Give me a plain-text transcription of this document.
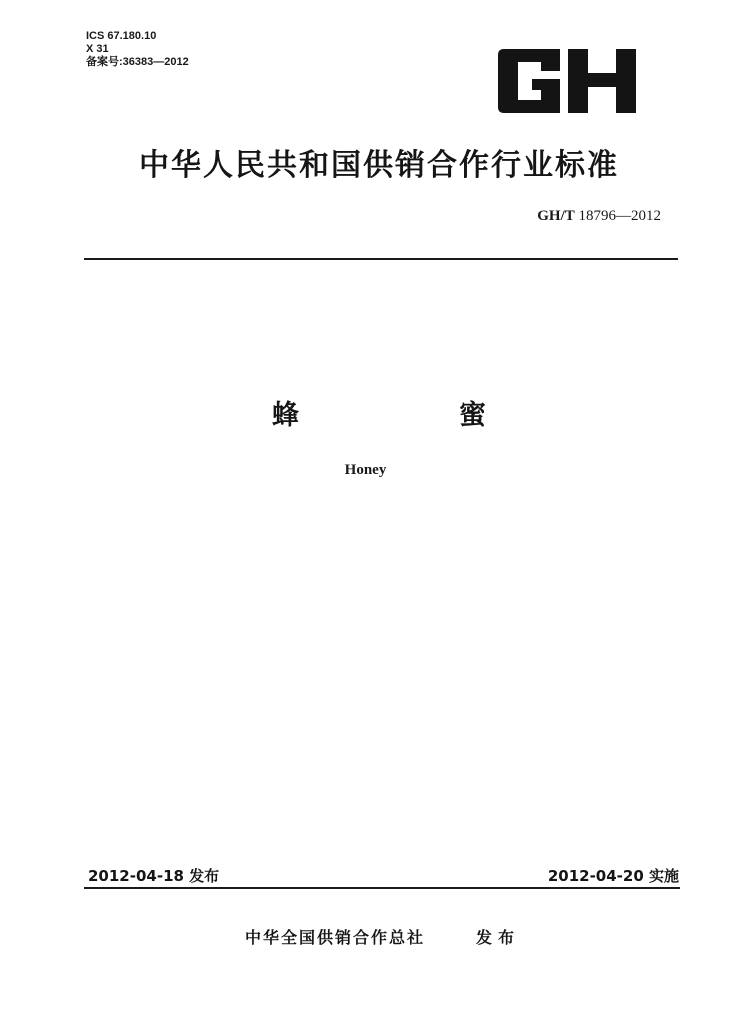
ICS 67.180.10
X 31
备案号:36383—2012
GH
中华人民共和国供销合作行业标准
GH/T 18796—2012
蜂	蜜
Honey
2012-04-18 发布	2012-04-20 实施
中华全国供销合作总社	发布
